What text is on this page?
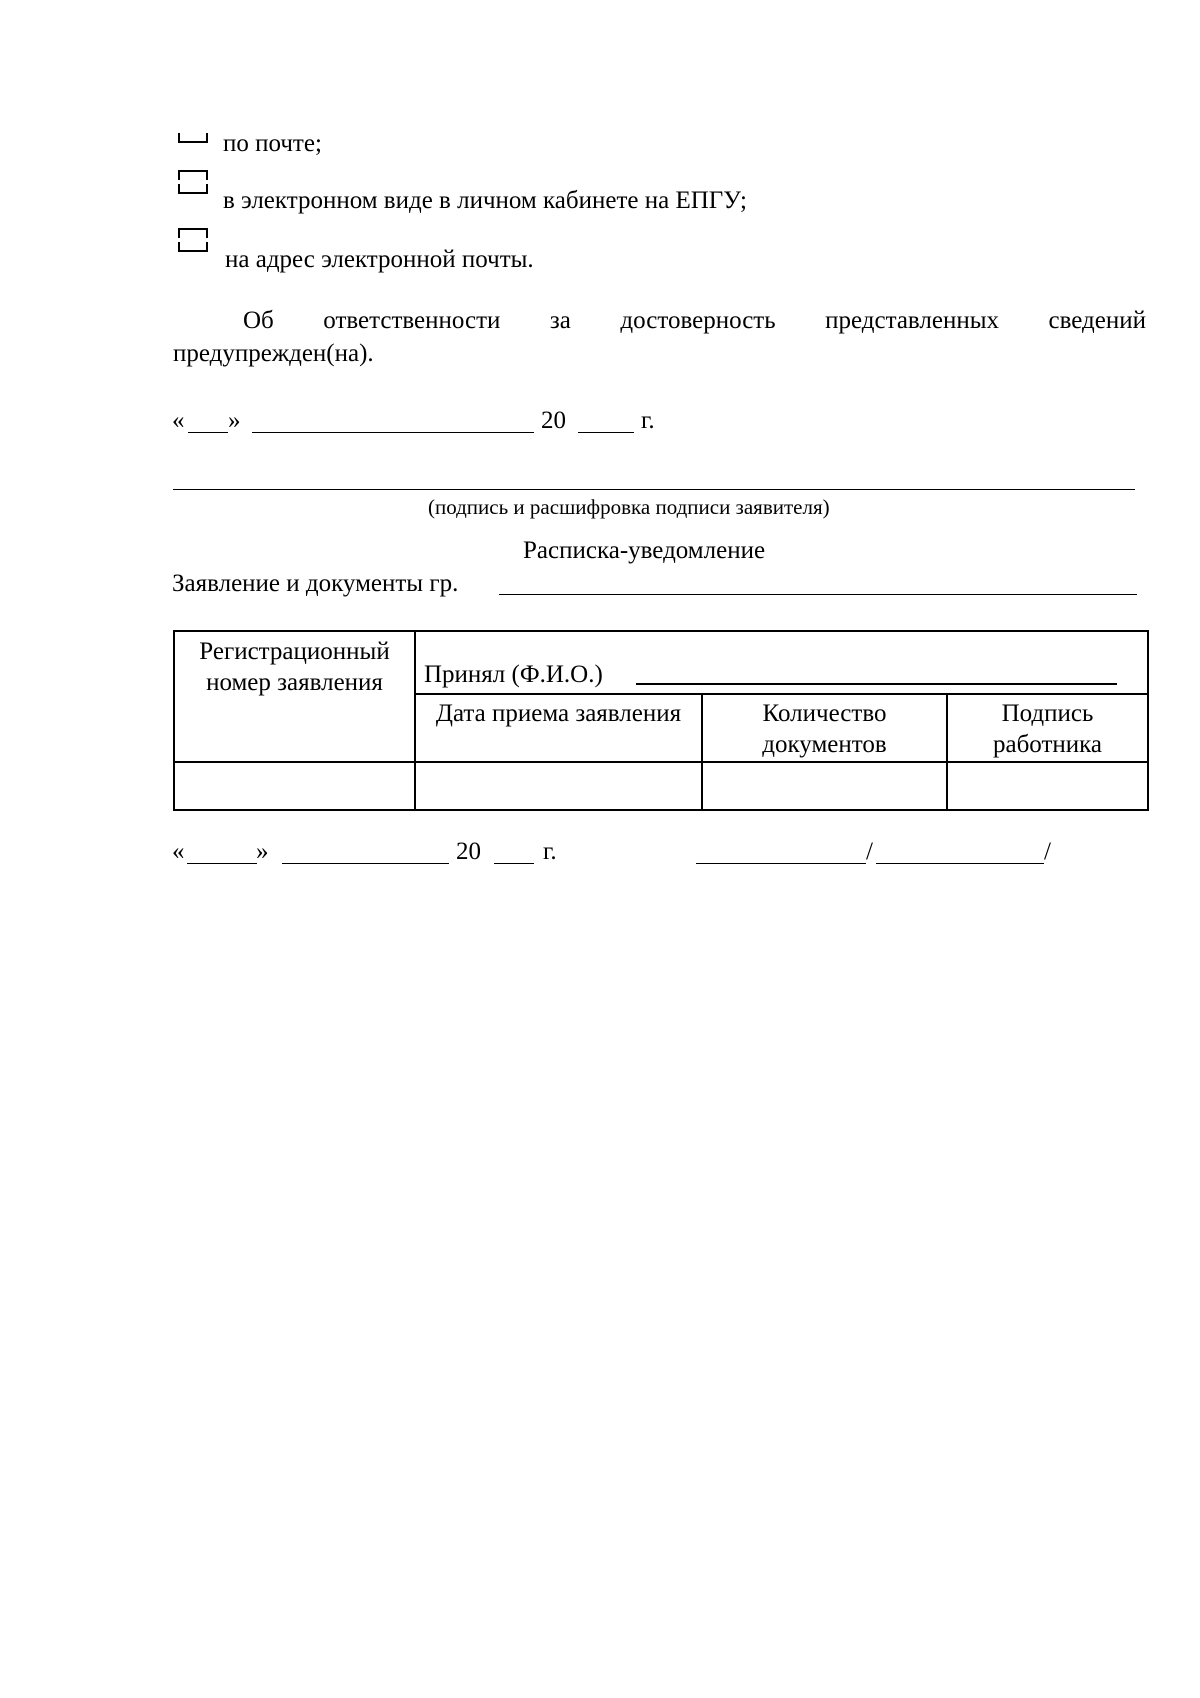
по почте;
в электронном виде в личном кабинете на ЕПГУ;
на адрес электронной почты.
Об ответственности за достоверность представленных сведений
предупрежден(на).
« »	20	г.
(подпись и расшифровка подписи заявителя)
Расписка-уведомление
Заявление и документы гр.
Регистрационный номер заявления	Принял (Ф.И.О.)		

	Дата приема заявления	Количество документов	Подпись работника

«	»	20 г.	/	/
